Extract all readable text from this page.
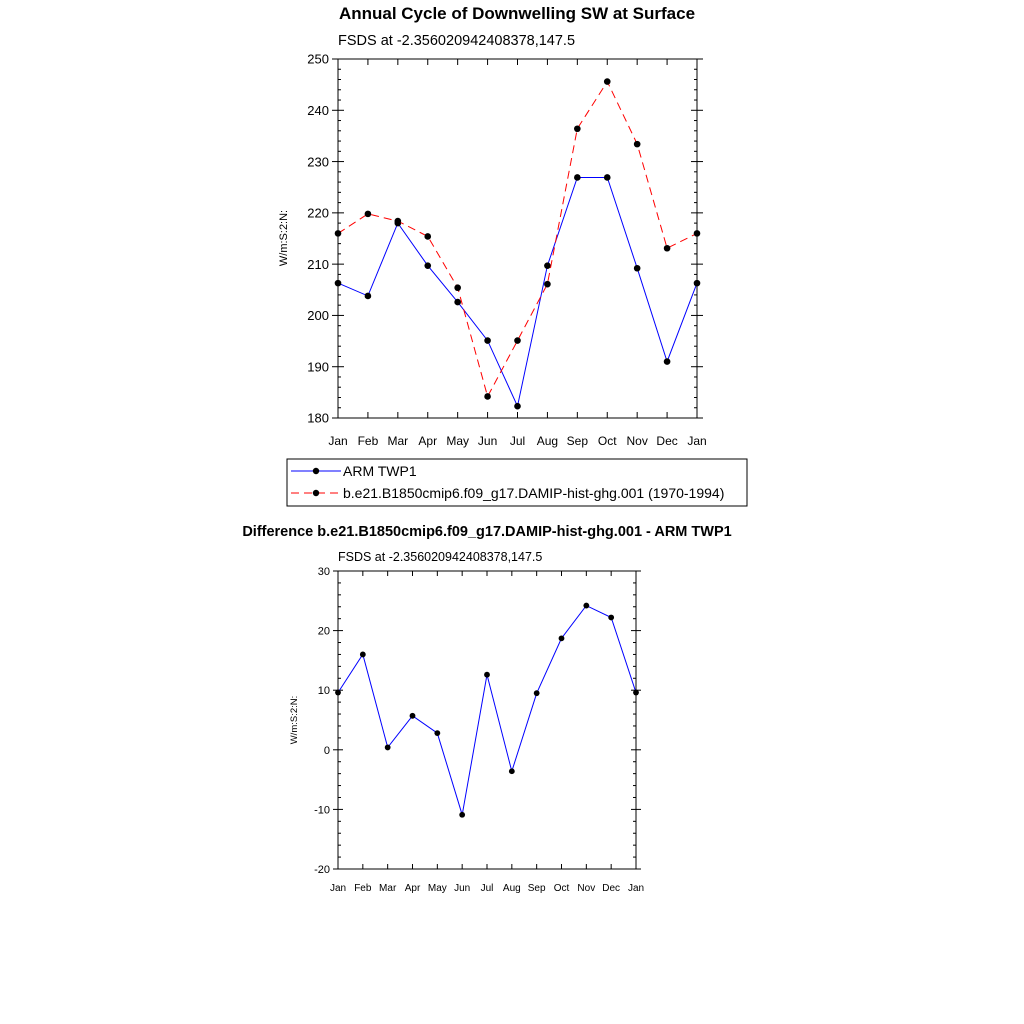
Annual Cycle of Downwelling SW at Surface
FSDS at -2.356020942408378,147.5
W/m:S:2:N:
Jan Feb Mar Apr May Jun Jul Aug Sep Oct Nov Dec Jan
180
190
200
210
220
230
240
250
ARM TWP1
b.e21.B1850cmip6.f09_g17.DAMIP-hist-ghg.001 (1970-1994)
Difference b.e21.B1850cmip6.f09_g17.DAMIP-hist-ghg.001 - ARM TWP1
FSDS at -2.356020942408378,147.5
W/m:S:2:N:
Jan Feb Mar Apr May Jun Jul Aug Sep Oct Nov Dec Jan
-20
-10
0
10
20
30
